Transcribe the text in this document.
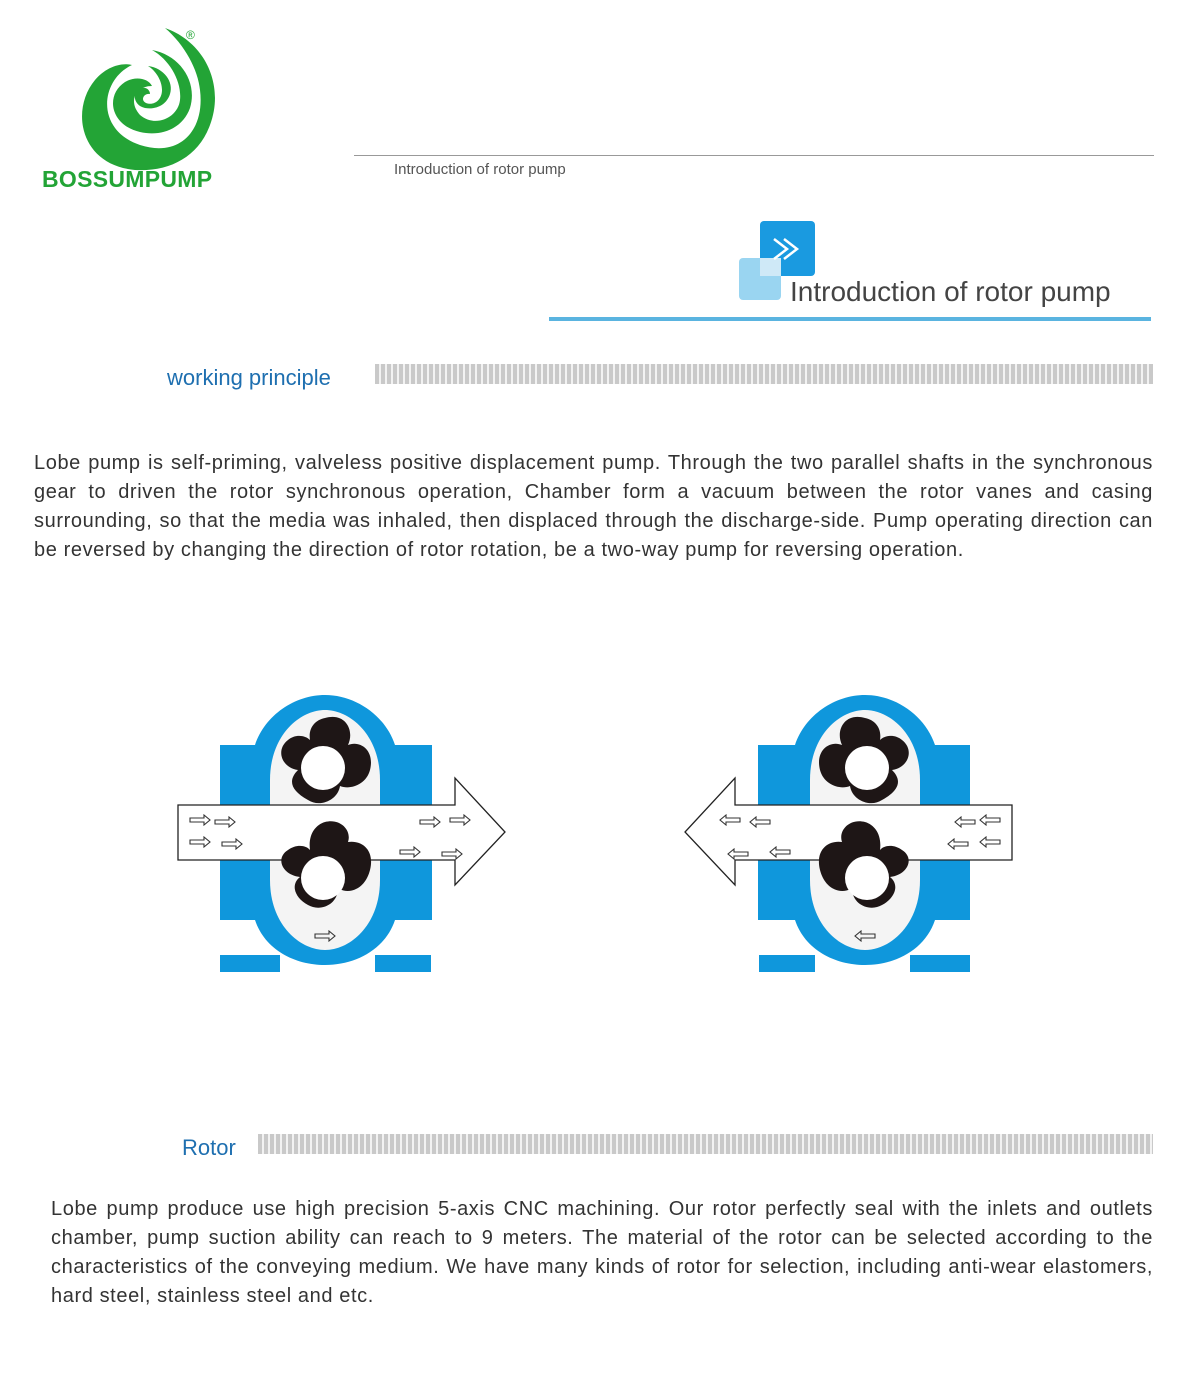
®
BOSSUMPUMP	Introduction of rotor pump
Introduction of rotor pump
working principle
Lobe pump is self-priming, valveless positive displacement pump. Through the two parallel shafts in the synchronous gear to driven the rotor synchronous operation, Chamber form a vacuum between the rotor vanes and casing surrounding, so that the media was inhaled, then displaced through the discharge-side. Pump operating direction can be reversed by changing the direction of rotor rotation, be a two-way pump for reversing operation.
Rotor
Lobe pump produce use high precision 5-axis CNC machining. Our rotor perfectly seal with the inlets and outlets chamber, pump suction ability can reach to 9 meters. The material of the rotor can be selected according to the characteristics of the conveying medium. We have many kinds of rotor for selection, including anti-wear elastomers, hard steel, stainless steel and etc.
